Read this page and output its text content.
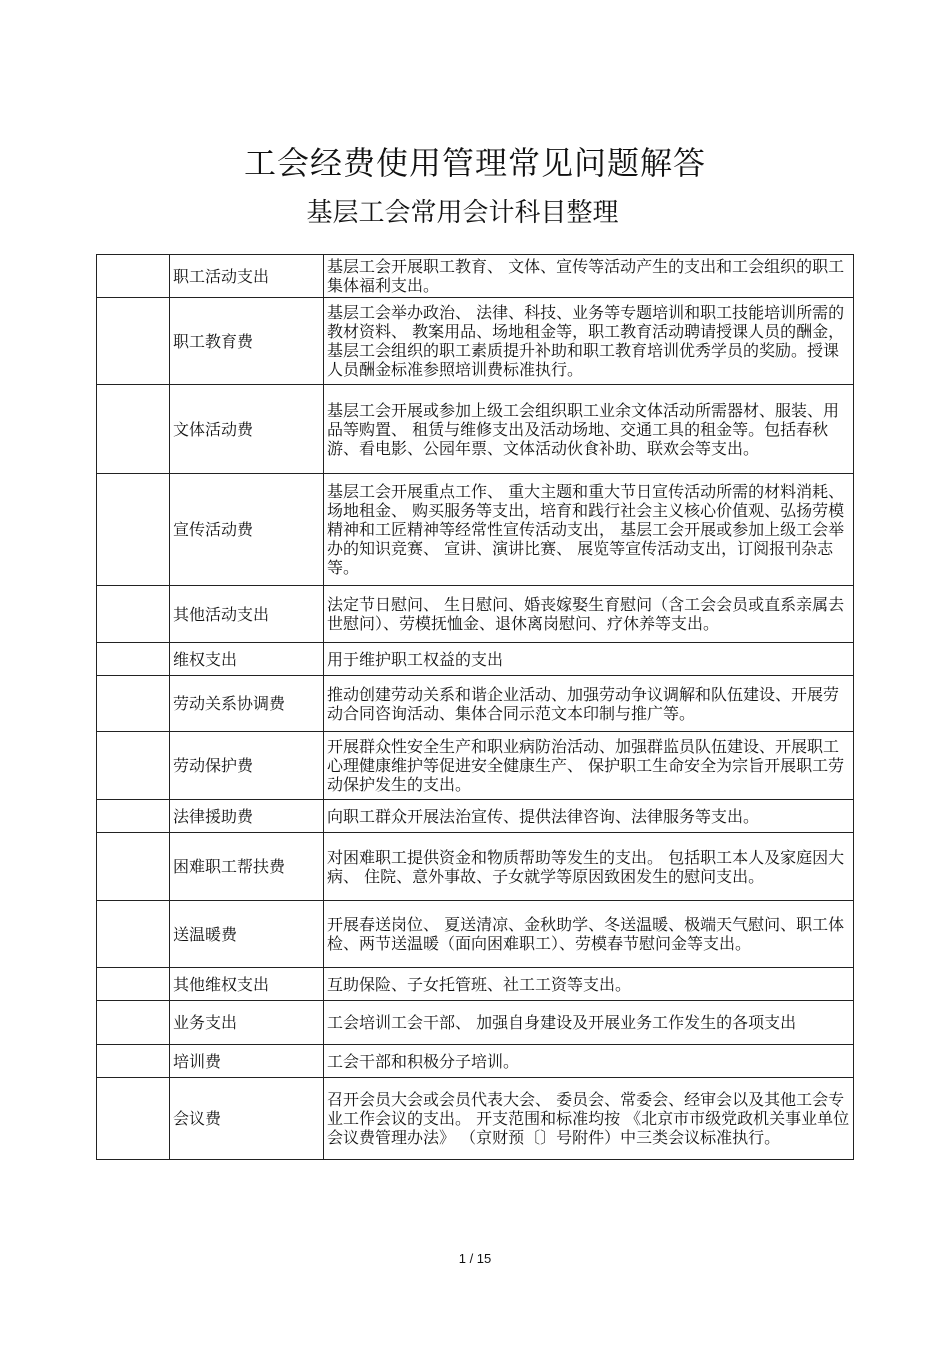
工会经费使用管理常见问题解答
基层工会常用会计科目整理
	职工活动支出	基层工会开展职工教育、 文体、宣传等活动产生的支出和工会组织的职工集体福利支出。
	职工教育费	基层工会举办政治、 法律、科技、业务等专题培训和职工技能培训所需的教材资料、 教案用品、场地租金等，职工教育活动聘请授课人员的酬金， 基层工会组织的职工素质提升补助和职工教育培训优秀学员的奖励。授课人员酬金标准参照培训费标准执行。
	文体活动费	基层工会开展或参加上级工会组织职工业余文体活动所需器材、服装、用品等购置、 租赁与维修支出及活动场地、交通工具的租金等。包括春秋游、看电影、公园年票、文体活动伙食补助、联欢会等支出。
	宣传活动费	基层工会开展重点工作、 重大主题和重大节日宣传活动所需的材料消耗、场地租金、 购买服务等支出，培育和践行社会主义核心价值观、弘扬劳模精神和工匠精神等经常性宣传活动支出， 基层工会开展或参加上级工会举办的知识竞赛、 宣讲、演讲比赛、 展览等宣传活动支出，订阅报刊杂志等。
	其他活动支出	法定节日慰问、 生日慰问、婚丧嫁娶生育慰问（含工会会员或直系亲属去世慰问）、劳模抚恤金、退休离岗慰问、疗休养等支出。
	维权支出	用于维护职工权益的支出
	劳动关系协调费	推动创建劳动关系和谐企业活动、加强劳动争议调解和队伍建设、开展劳动合同咨询活动、集体合同示范文本印制与推广等。
	劳动保护费	开展群众性安全生产和职业病防治活动、加强群监员队伍建设、开展职工心理健康维护等促进安全健康生产、 保护职工生命安全为宗旨开展职工劳动保护发生的支出。
	法律援助费	向职工群众开展法治宣传、提供法律咨询、法律服务等支出。
	困难职工帮扶费	对困难职工提供资金和物质帮助等发生的支出。 包括职工本人及家庭因大病、 住院、意外事故、子女就学等原因致困发生的慰问支出。
	送温暖费	开展春送岗位、 夏送清凉、金秋助学、冬送温暖、极端天气慰问、职工体检、两节送温暖（面向困难职工）、劳模春节慰问金等支出。
	其他维权支出	互助保险、子女托管班、社工工资等支出。
	业务支出	工会培训工会干部、 加强自身建设及开展业务工作发生的各项支出
	培训费	工会干部和积极分子培训。
	会议费	召开会员大会或会员代表大会、 委员会、常委会、经审会以及其他工会专业工作会议的支出。 开支范围和标准均按 《北京市市级党政机关事业单位会议费管理办法》 （京财预〔〕号附件）中三类会议标准执行。
1 / 15
